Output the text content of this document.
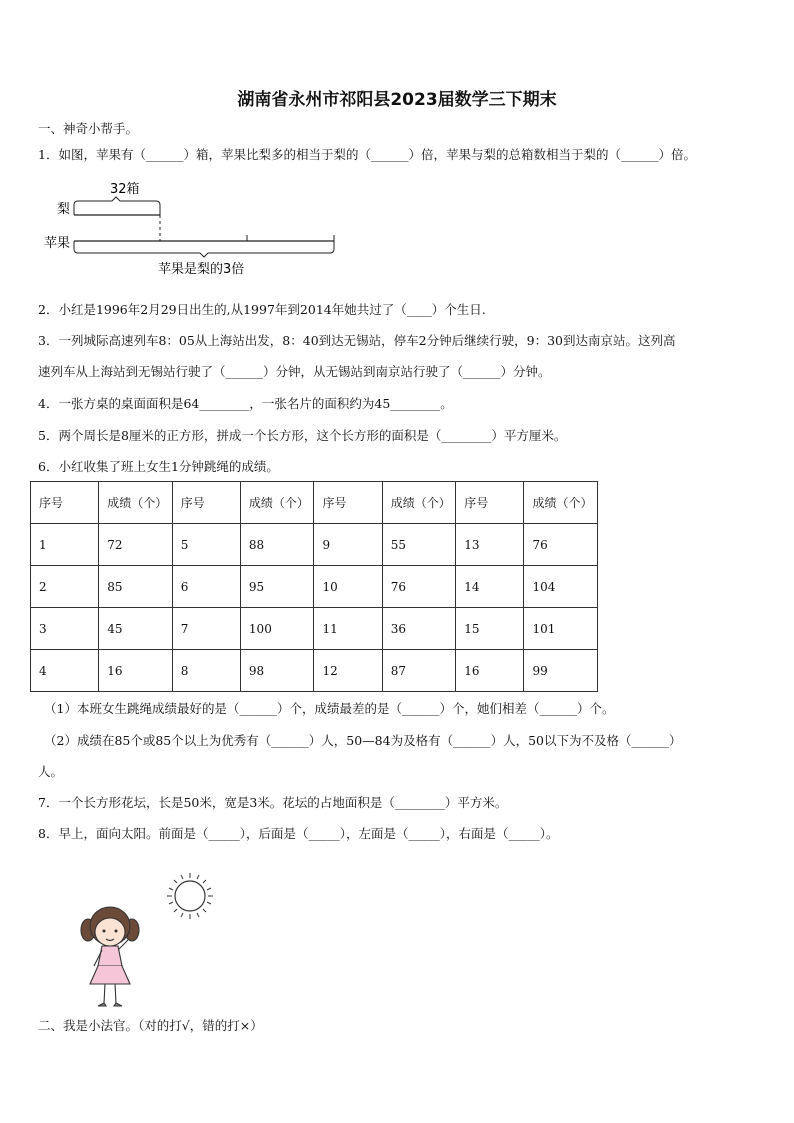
湖南省永州市祁阳县2023届数学三下期末
一、神奇小帮手。
1．如图，苹果有（______）箱，苹果比梨多的相当于梨的（______）倍，苹果与梨的总箱数相当于梨的（______）倍。
32箱
梨
苹果
苹果是梨的3倍
2．小红是1996年2月29日出生的,从1997年到2014年她共过了（____）个生日.
3．一列城际高速列车8：05从上海站出发，8：40到达无锡站，停车2分钟后继续行驶，9：30到达南京站。这列高
速列车从上海站到无锡站行驶了（______）分钟，从无锡站到南京站行驶了（______）分钟。
4．一张方桌的桌面面积是64________，一张名片的面积约为45________。
5．两个周长是8厘米的正方形，拼成一个长方形，这个长方形的面积是（________）平方厘米。
6．小红收集了班上女生1分钟跳绳的成绩。
序号	成绩（个）	序号	成绩（个）	序号	成绩（个）	序号	成绩（个）
1	72	5	88	9	55	13	76
2	85	6	95	10	76	14	104
3	45	7	100	11	36	15	101
4	16	8	98	12	87	16	99
（1）本班女生跳绳成绩最好的是（______）个，成绩最差的是（______）个，她们相差（______）个。
（2）成绩在85个或85个以上为优秀有（______）人，50—84为及格有（______）人，50以下为不及格（______）
人。
7．一个长方形花坛，长是50米，宽是3米。花坛的占地面积是（________）平方米。
8．早上，面向太阳。前面是（_____），后面是（_____），左面是（_____），右面是（_____）。
二、我是小法官。（对的打√，错的打×）
